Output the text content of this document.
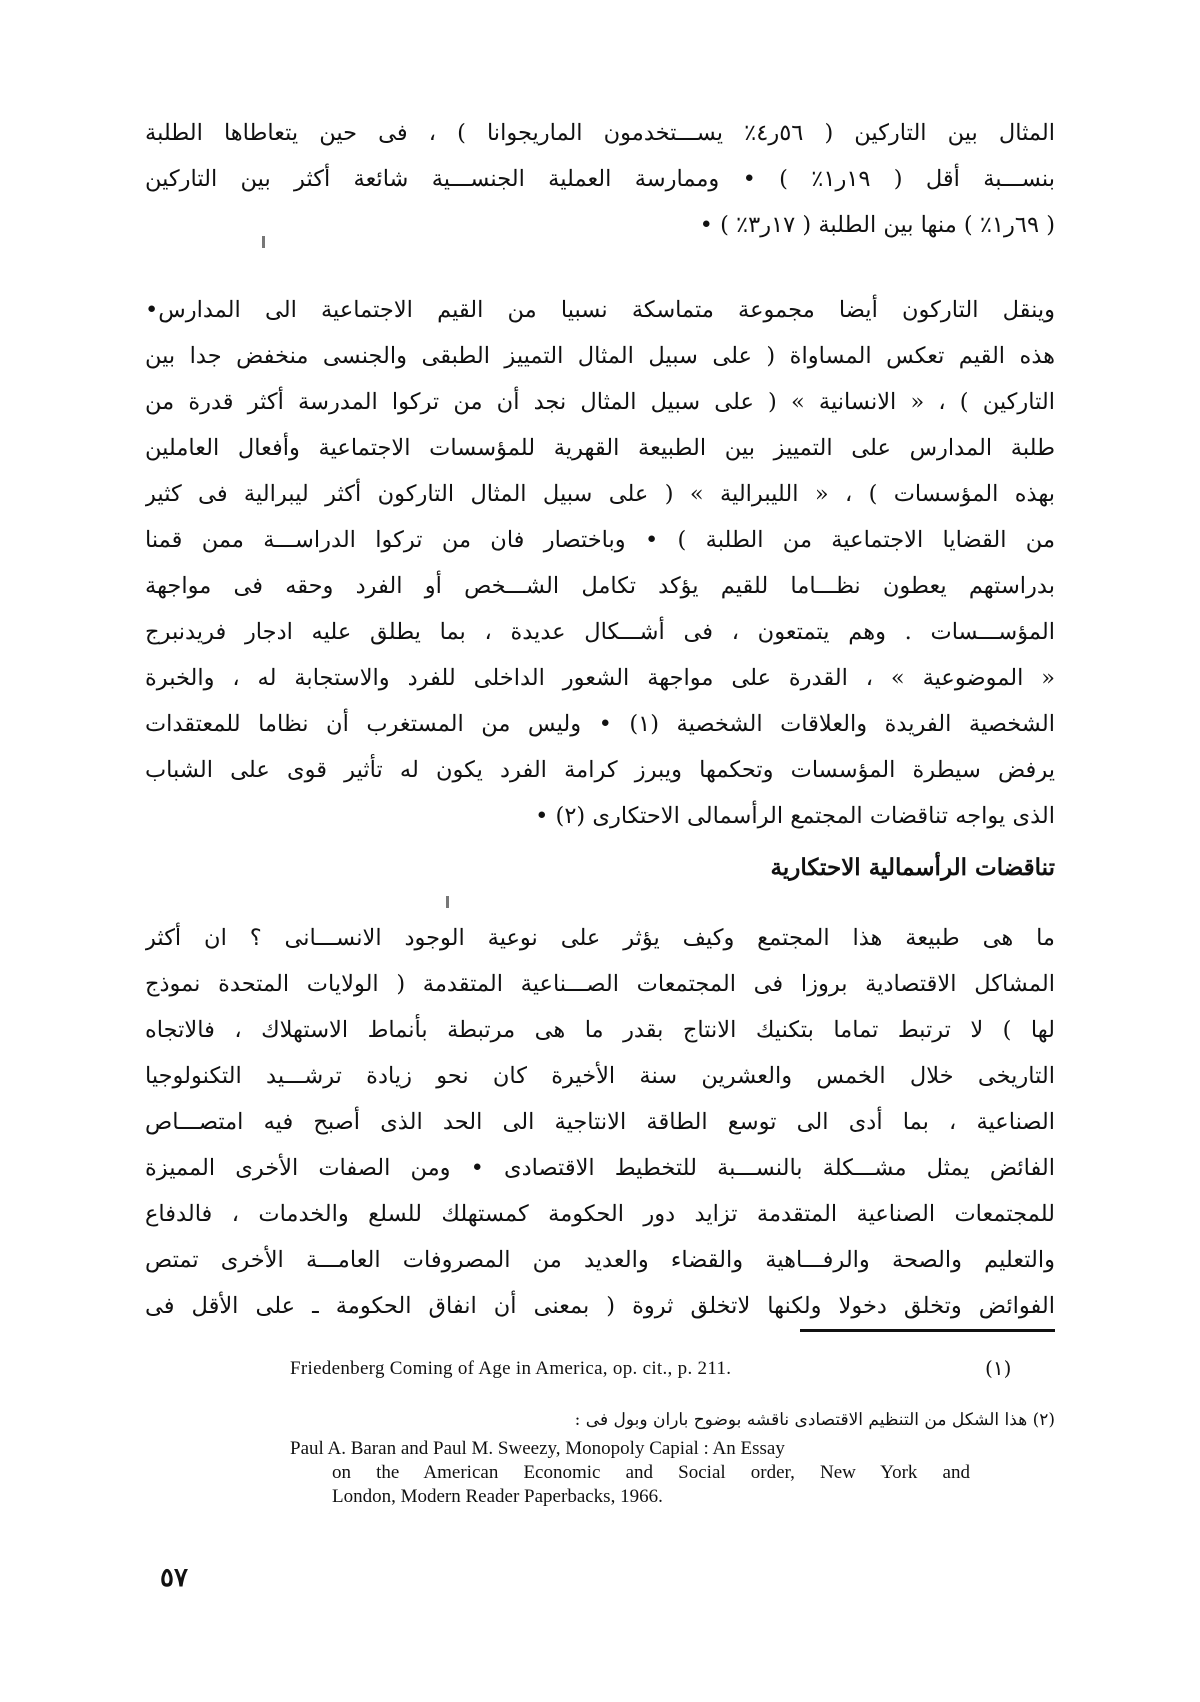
المثال بين التاركين ( ٥٦ر٤٪ يســـتخدمون الماريجوانا ) ، فى حين يتعاطاها الطلبة

بنســـبة أقل ( ١٩ر١٪ ) • وممارسة العملية الجنســـية شائعة أكثر بين التاركين

( ٦٩ر١٪ ) منها بين الطلبة ( ١٧ر٣٪ ) •

وينقل التاركون أيضا مجموعة متماسكة نسبيا من القيم الاجتماعية الى المدارس•

هذه القيم تعكس المساواة ( على سبيل المثال التمييز الطبقى والجنسى منخفض جدا بين

التاركين ) ، « الانسانية » ( على سبيل المثال نجد أن من تركوا المدرسة أكثر قدرة من

طلبة المدارس على التمييز بين الطبيعة القهرية للمؤسسات الاجتماعية وأفعال العاملين

بهذه المؤسسات ) ، « الليبرالية » ( على سبيل المثال التاركون أكثر ليبرالية فى كثير

من القضايا الاجتماعية من الطلبة ) • وباختصار فان من تركوا الدراســـة ممن قمنا

بدراستهم يعطون نظـــاما للقيم يؤكد تكامل الشـــخص أو الفرد وحقه فى مواجهة

المؤســـسات . وهم يتمتعون ، فى أشـــكال عديدة ، بما يطلق عليه ادجار فريدنبرج

« الموضوعية » ، القدرة على مواجهة الشعور الداخلى للفرد والاستجابة له ، والخبرة

الشخصية الفريدة والعلاقات الشخصية (١) • وليس من المستغرب أن نظاما للمعتقدات

يرفض سيطرة المؤسسات وتحكمها ويبرز كرامة الفرد يكون له تأثير قوى على الشباب

الذى يواجه تناقضات المجتمع الرأسمالى الاحتكارى (٢) •

تناقضات الرأسمالية الاحتكارية

ما هى طبيعة هذا المجتمع وكيف يؤثر على نوعية الوجود الانســـانى ؟ ان أكثر

المشاكل الاقتصادية بروزا فى المجتمعات الصـــناعية المتقدمة ( الولايات المتحدة نموذج

لها ) لا ترتبط تماما بتكنيك الانتاج بقدر ما هى مرتبطة بأنماط الاستهلاك ، فالاتجاه

التاريخى خلال الخمس والعشرين سنة الأخيرة كان نحو زيادة ترشـــيد التكنولوجيا

الصناعية ، بما أدى الى توسع الطاقة الانتاجية الى الحد الذى أصبح فيه امتصـــاص

الفائض يمثل مشـــكلة بالنســـبة للتخطيط الاقتصادى • ومن الصفات الأخرى المميزة

للمجتمعات الصناعية المتقدمة تزايد دور الحكومة كمستهلك للسلع والخدمات ، فالدفاع

والتعليم والصحة والرفـــاهية والقضاء والعديد من المصروفات العامـــة الأخرى تمتص

الفوائض وتخلق دخولا ولكنها لاتخلق ثروة ( بمعنى أن انفاق الحكومة ـ على الأقل فى

(١)
Friedenberg Coming of Age in America, op. cit., p. 211.
(٢) هذا الشكل من التنظيم الاقتصادى ناقشه بوضوح باران وبول فى :
Paul A. Baran and Paul M. Sweezy, Monopoly Capial : An Essay
on the American Economic and Social order, New York and
London, Modern Reader Paperbacks, 1966.
٥٧
